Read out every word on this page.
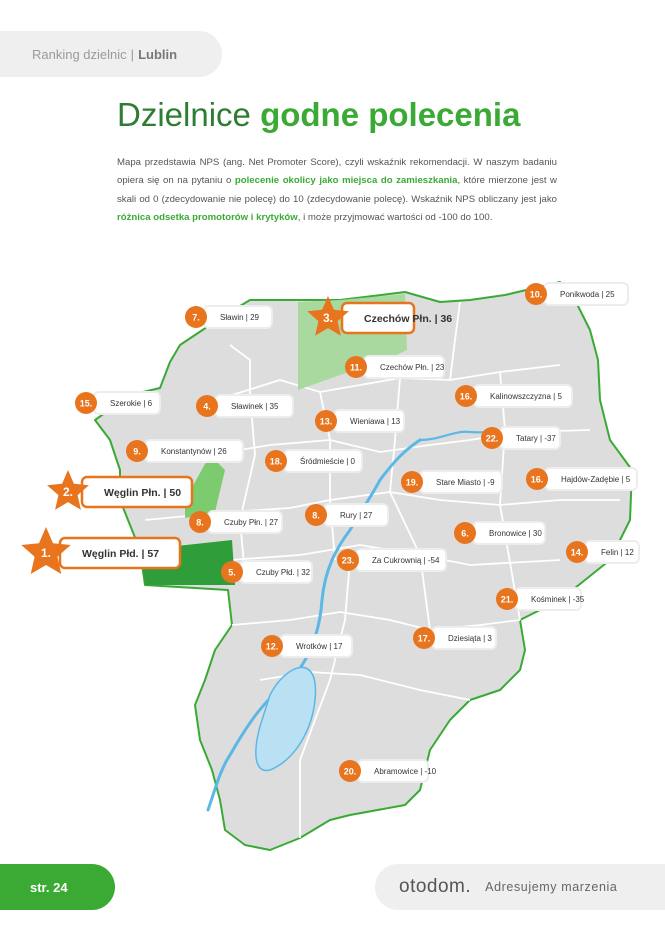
Ranking dzielnic | Lublin
Dzielnice godne polecenia
Mapa przedstawia NPS (ang. Net Promoter Score), czyli wskaźnik rekomendacji. W naszym badaniu opiera się on na pytaniu o polecenie okolicy jako miejsca do zamieszkania, które mierzone jest w skali od 0 (zdecydowanie nie polecę) do 10 (zdecydowanie polecę). Wskaźnik NPS obliczany jest jako różnica odsetka promotorów i krytyków, i może przyjmować wartości od -100 do 100.
1.	Węglin Płd. | 57
2.	Węglin Płn. | 50
3.	Czechów Płn. | 36
4.	Sławinek | 35
5.	Czuby Płd. | 32
6.	Bronowice | 30
7.	Sławin | 29
8.	Czuby Płn. | 27
8.	Rury | 27
9.	Konstantynów | 26
10. Ponikwoda | 25
11. Czechów Płn. | 23
12. Wrotków | 17
13. Wieniawa | 13
14. Felin | 12
15. Szerokie | 6
16. Kalinowszczyzna | 5
16. Hajdów-Zadębie | 5
17. Dziesiąta | 3
18. Śródmieście | 0
19. Stare Miasto | -9
20. Abramowice | -10
21. Kośminek | -35
22. Tatary | -37
23. Za Cukrownią | -54
str. 24	otodom. Adresujemy marzenia
